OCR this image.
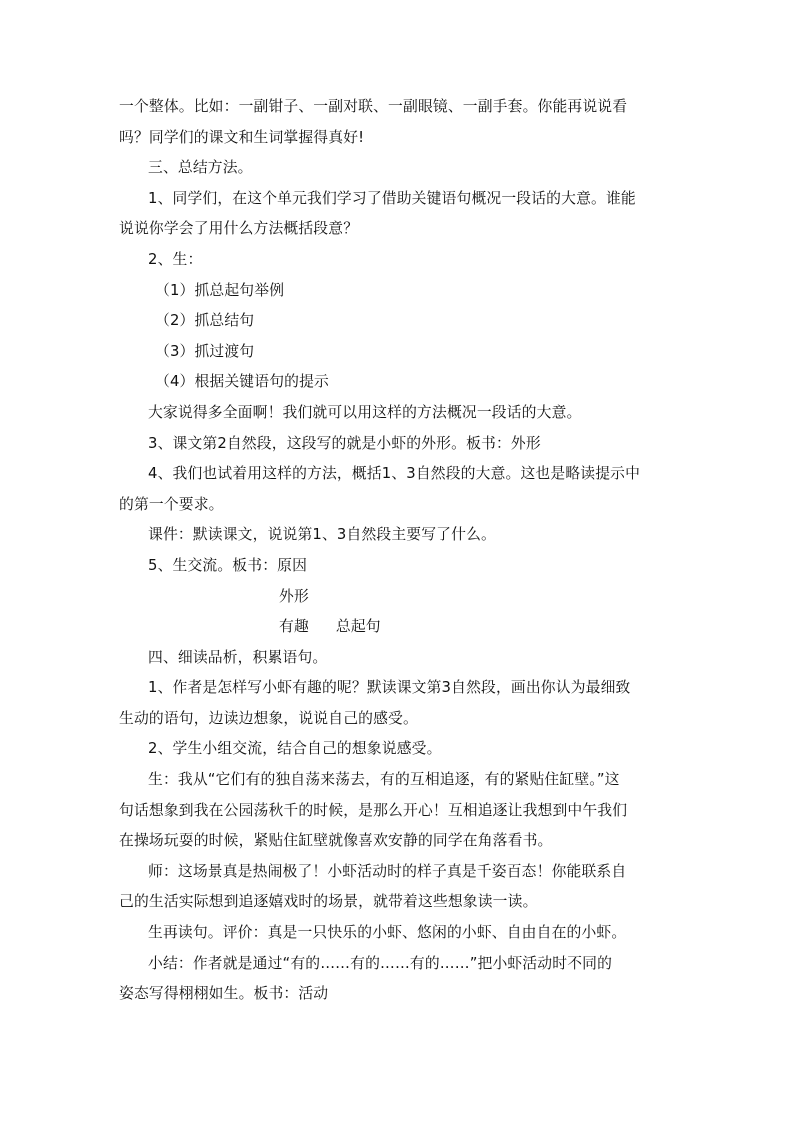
一个整体。比如：一副钳子、一副对联、一副眼镜、一副手套。你能再说说看
吗？同学们的课文和生词掌握得真好!
三、总结方法。
1、同学们，在这个单元我们学习了借助关键语句概况一段话的大意。谁能
说说你学会了用什么方法概括段意？
2、生：
（1）抓总起句举例
（2）抓总结句
（3）抓过渡句
（4）根据关键语句的提示
大家说得多全面啊！我们就可以用这样的方法概况一段话的大意。
3、课文第2自然段，这段写的就是小虾的外形。板书：外形
4、我们也试着用这样的方法，概括1、3自然段的大意。这也是略读提示中
的第一个要求。
课件：默读课文，说说第1、3自然段主要写了什么。
5、生交流。板书：原因
外形
有趣 总起句
四、细读品析，积累语句。
1、作者是怎样写小虾有趣的呢？默读课文第3自然段，画出你认为最细致
生动的语句，边读边想象，说说自己的感受。
2、学生小组交流，结合自己的想象说感受。
生：我从“它们有的独自荡来荡去，有的互相追逐，有的紧贴住缸壁。”这
句话想象到我在公园荡秋千的时候，是那么开心！互相追逐让我想到中午我们
在操场玩耍的时候，紧贴住缸壁就像喜欢安静的同学在角落看书。
师：这场景真是热闹极了！小虾活动时的样子真是千姿百态！你能联系自
己的生活实际想到追逐嬉戏时的场景，就带着这些想象读一读。
生再读句。评价：真是一只快乐的小虾、悠闲的小虾、自由自在的小虾。
小结：作者就是通过“有的……有的……有的……”把小虾活动时不同的
姿态写得栩栩如生。板书：活动
